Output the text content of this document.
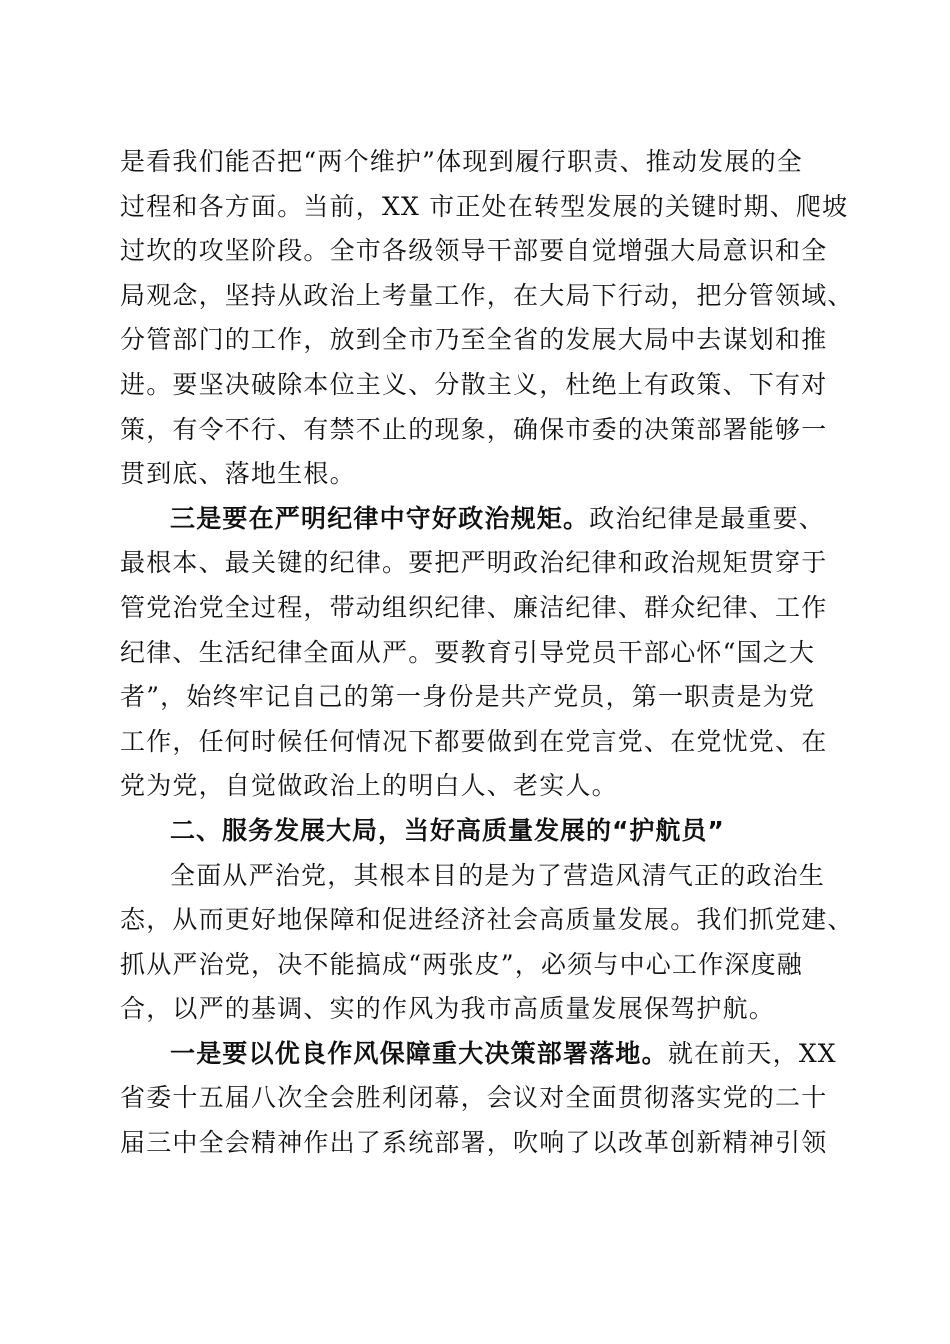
是看我们能否把“两个维护”体现到履行职责、推动发展的全
过程和各方面。当前，XX 市正处在转型发展的关键时期、爬坡
过坎的攻坚阶段。全市各级领导干部要自觉增强大局意识和全
局观念，坚持从政治上考量工作，在大局下行动，把分管领域、
分管部门的工作，放到全市乃至全省的发展大局中去谋划和推
进。要坚决破除本位主义、分散主义，杜绝上有政策、下有对
策，有令不行、有禁不止的现象，确保市委的决策部署能够一
贯到底、落地生根。
三是要在严明纪律中守好政治规矩。政治纪律是最重要、
最根本、最关键的纪律。要把严明政治纪律和政治规矩贯穿于
管党治党全过程，带动组织纪律、廉洁纪律、群众纪律、工作
纪律、生活纪律全面从严。要教育引导党员干部心怀“国之大
者”，始终牢记自己的第一身份是共产党员，第一职责是为党
工作，任何时候任何情况下都要做到在党言党、在党忧党、在
党为党，自觉做政治上的明白人、老实人。
二、服务发展大局，当好高质量发展的“护航员”
全面从严治党，其根本目的是为了营造风清气正的政治生
态，从而更好地保障和促进经济社会高质量发展。我们抓党建、
抓从严治党，决不能搞成“两张皮”，必须与中心工作深度融
合，以严的基调、实的作风为我市高质量发展保驾护航。
一是要以优良作风保障重大决策部署落地。就在前天，XX
省委十五届八次全会胜利闭幕，会议对全面贯彻落实党的二十
届三中全会精神作出了系统部署，吹响了以改革创新精神引领
